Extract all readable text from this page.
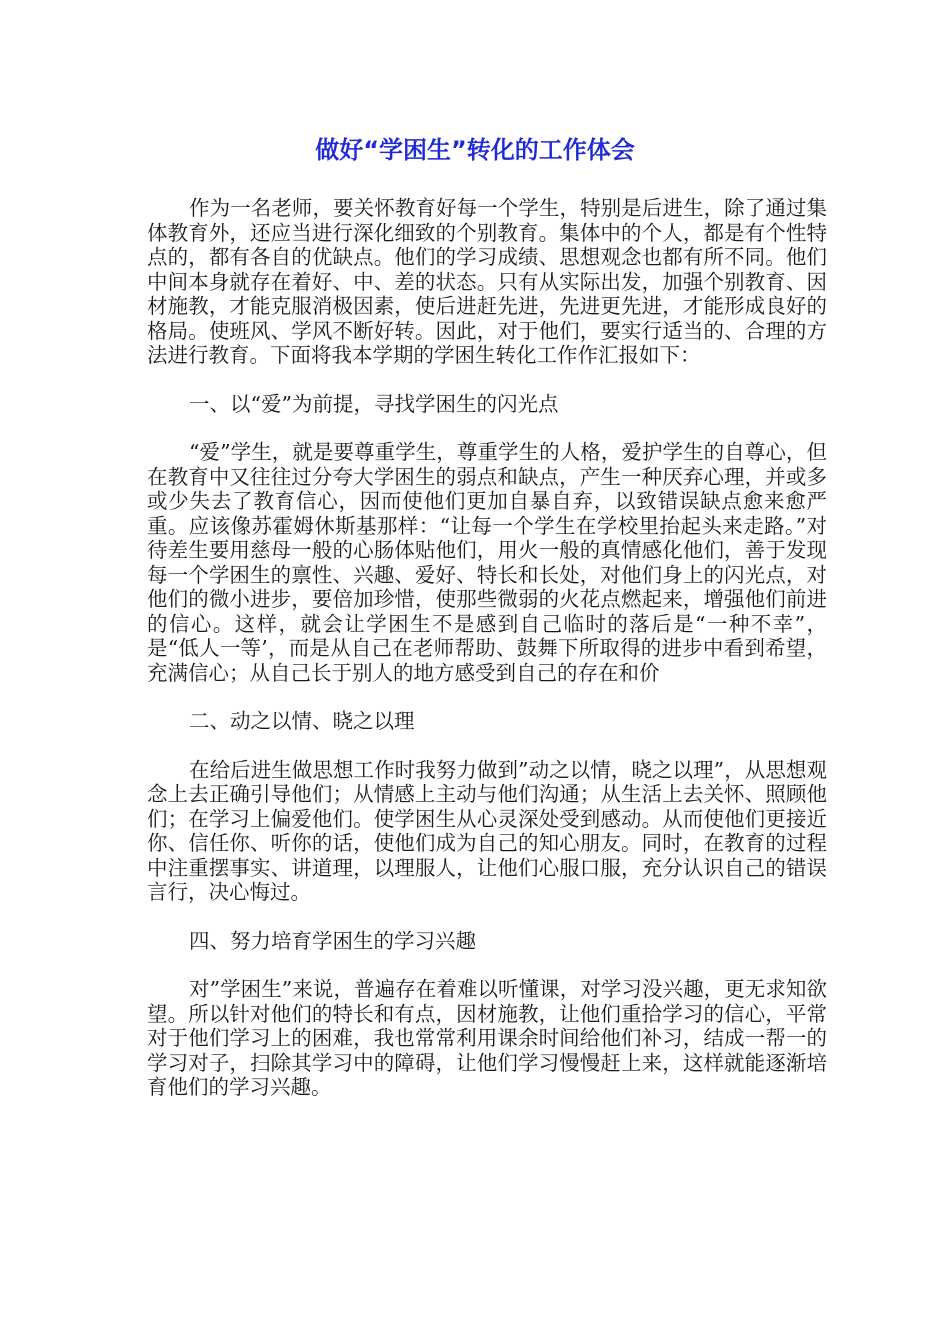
做好“学困生”转化的工作体会

作为一名老师，要关怀教育好每一个学生，特别是后进生，除了通过集体教育外，还应当进行深化细致的个别教育。集体中的个人，都是有个性特点的，都有各自的优缺点。他们的学习成绩、思想观念也都有所不同。他们中间本身就存在着好、中、差的状态。只有从实际出发，加强个别教育、因材施教，才能克服消极因素，使后进赶先进，先进更先进，才能形成良好的格局。使班风、学风不断好转。因此，对于他们，要实行适当的、合理的方法进行教育。下面将我本学期的学困生转化工作作汇报如下：

一、以“爱”为前提，寻找学困生的闪光点

“爱”学生，就是要尊重学生，尊重学生的人格，爱护学生的自尊心，但在教育中又往往过分夸大学困生的弱点和缺点，产生一种厌弃心理，并或多或少失去了教育信心，因而使他们更加自暴自弃，以致错误缺点愈来愈严重。应该像苏霍姆休斯基那样：“让每一个学生在学校里抬起头来走路。”对待差生要用慈母一般的心肠体贴他们，用火一般的真情感化他们，善于发现每一个学困生的禀性、兴趣、爱好、特长和长处，对他们身上的闪光点，对他们的微小进步，要倍加珍惜，使那些微弱的火花点燃起来，增强他们前进的信心。这样，就会让学困生不是感到自己临时的落后是“一种不幸”，是“低人一等’，而是从自己在老师帮助、鼓舞下所取得的进步中看到希望，充满信心；从自己长于别人的地方感受到自己的存在和价

二、动之以情、晓之以理

在给后进生做思想工作时我努力做到”动之以情，晓之以理”，从思想观念上去正确引导他们；从情感上主动与他们沟通；从生活上去关怀、照顾他们；在学习上偏爱他们。使学困生从心灵深处受到感动。从而使他们更接近你、信任你、听你的话，使他们成为自己的知心朋友。同时，在教育的过程中注重摆事实、讲道理，以理服人，让他们心服口服，充分认识自己的错误言行，决心悔过。

四、努力培育学困生的学习兴趣

对”学困生”来说，普遍存在着难以听懂课，对学习没兴趣，更无求知欲望。所以针对他们的特长和有点，因材施教，让他们重拾学习的信心，平常对于他们学习上的困难，我也常常利用课余时间给他们补习，结成一帮一的学习对子，扫除其学习中的障碍，让他们学习慢慢赶上来，这样就能逐渐培育他们的学习兴趣。
